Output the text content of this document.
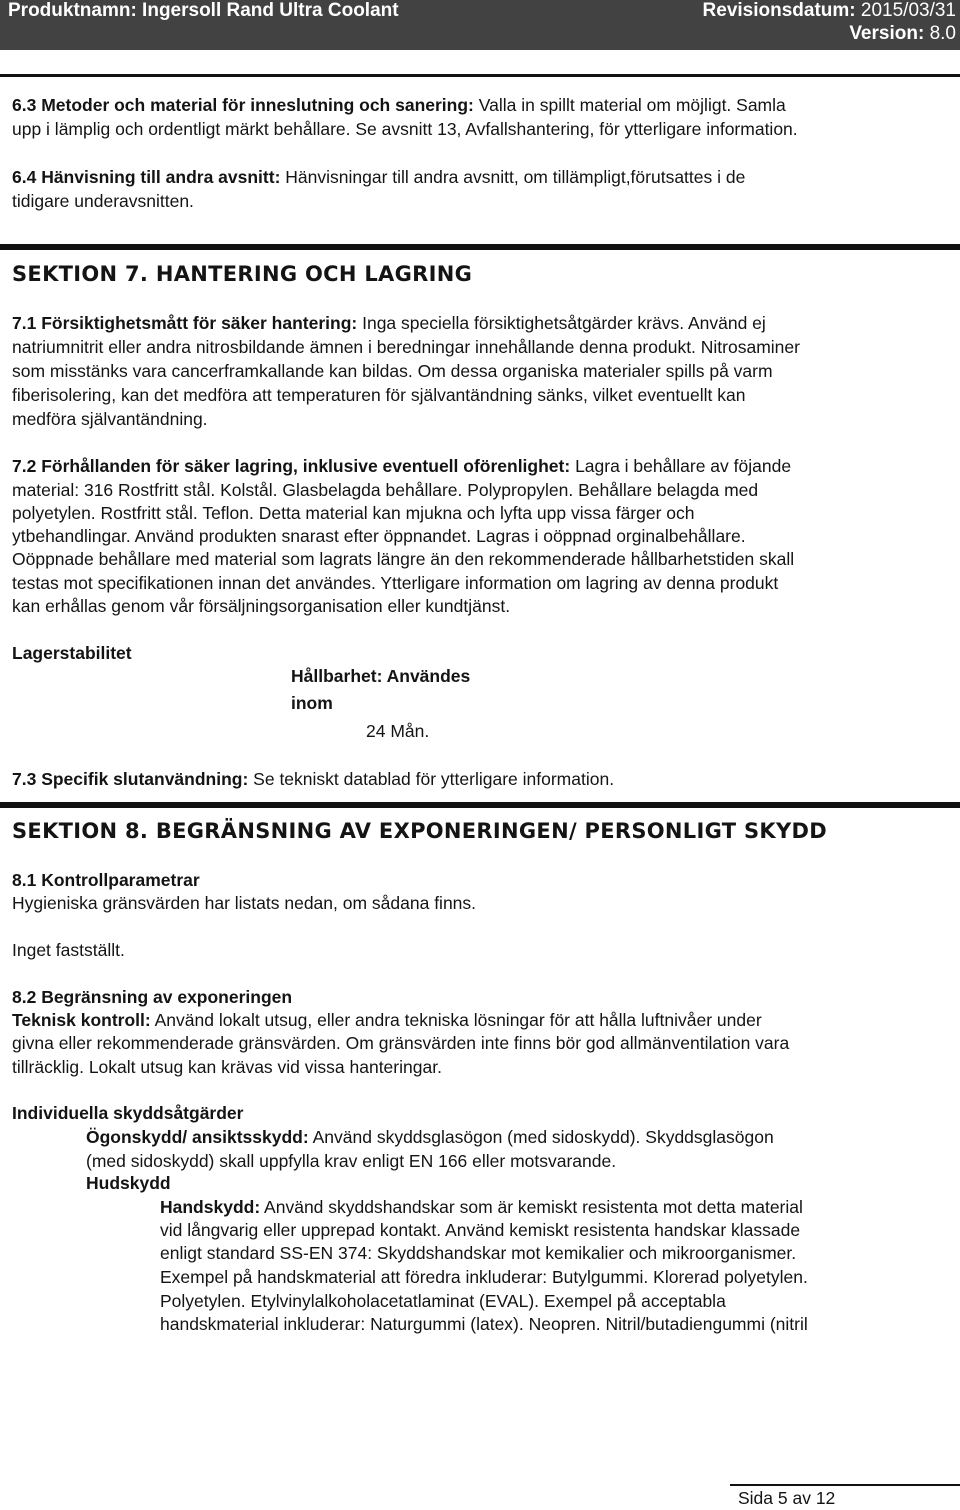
Produktnamn: Ingersoll Rand Ultra Coolant	Revisionsdatum: 2015/03/31
Version: 8.0
6.3 Metoder och material för inneslutning och sanering: Valla in spillt material om möjligt. Samla
upp i lämplig och ordentligt märkt behållare. Se avsnitt 13, Avfallshantering, för ytterligare information.
6.4 Hänvisning till andra avsnitt: Hänvisningar till andra avsnitt, om tillämpligt,förutsattes i de
tidigare underavsnitten.
SEKTION 7. HANTERING OCH LAGRING
7.1 Försiktighetsmått för säker hantering: Inga speciella försiktighetsåtgärder krävs. Använd ej
natriumnitrit eller andra nitrosbildande ämnen i beredningar innehållande denna produkt. Nitrosaminer
som misstänks vara cancerframkallande kan bildas. Om dessa organiska materialer spills på varm
fiberisolering, kan det medföra att temperaturen för självantändning sänks, vilket eventuellt kan
medföra självantändning.
7.2 Förhållanden för säker lagring, inklusive eventuell oförenlighet: Lagra i behållare av föjande
material: 316 Rostfritt stål. Kolstål. Glasbelagda behållare. Polypropylen. Behållare belagda med
polyetylen. Rostfritt stål. Teflon. Detta material kan mjukna och lyfta upp vissa färger och
ytbehandlingar. Använd produkten snarast efter öppnandet. Lagras i oöppnad orginalbehållare.
Oöppnade behållare med material som lagrats längre än den rekommenderade hållbarhetstiden skall
testas mot specifikationen innan det användes. Ytterligare information om lagring av denna produkt
kan erhållas genom vår försäljningsorganisation eller kundtjänst.
Lagerstabilitet
Hållbarhet: Användes
inom
24 Mån.
7.3 Specifik slutanvändning: Se tekniskt datablad för ytterligare information.
SEKTION 8. BEGRÄNSNING AV EXPONERINGEN/ PERSONLIGT SKYDD
8.1 Kontrollparametrar
Hygieniska gränsvärden har listats nedan, om sådana finns.
Inget fastställt.
8.2 Begränsning av exponeringen
Teknisk kontroll: Använd lokalt utsug, eller andra tekniska lösningar för att hålla luftnivåer under
givna eller rekommenderade gränsvärden. Om gränsvärden inte finns bör god allmänventilation vara
tillräcklig. Lokalt utsug kan krävas vid vissa hanteringar.
Individuella skyddsåtgärder
Ögonskydd/ ansiktsskydd: Använd skyddsglasögon (med sidoskydd). Skyddsglasögon
(med sidoskydd) skall uppfylla krav enligt EN 166 eller motsvarande.
Hudskydd
Handskydd: Använd skyddshandskar som är kemiskt resistenta mot detta material
vid långvarig eller upprepad kontakt. Använd kemiskt resistenta handskar klassade
enligt standard SS-EN 374: Skyddshandskar mot kemikalier och mikroorganismer.
Exempel på handskmaterial att föredra inkluderar: Butylgummi. Klorerad polyetylen.
Polyetylen. Etylvinylalkoholacetatlaminat (EVAL). Exempel på acceptabla
handskmaterial inkluderar: Naturgummi (latex). Neopren. Nitril/butadiengummi (nitril
Sida 5 av 12
